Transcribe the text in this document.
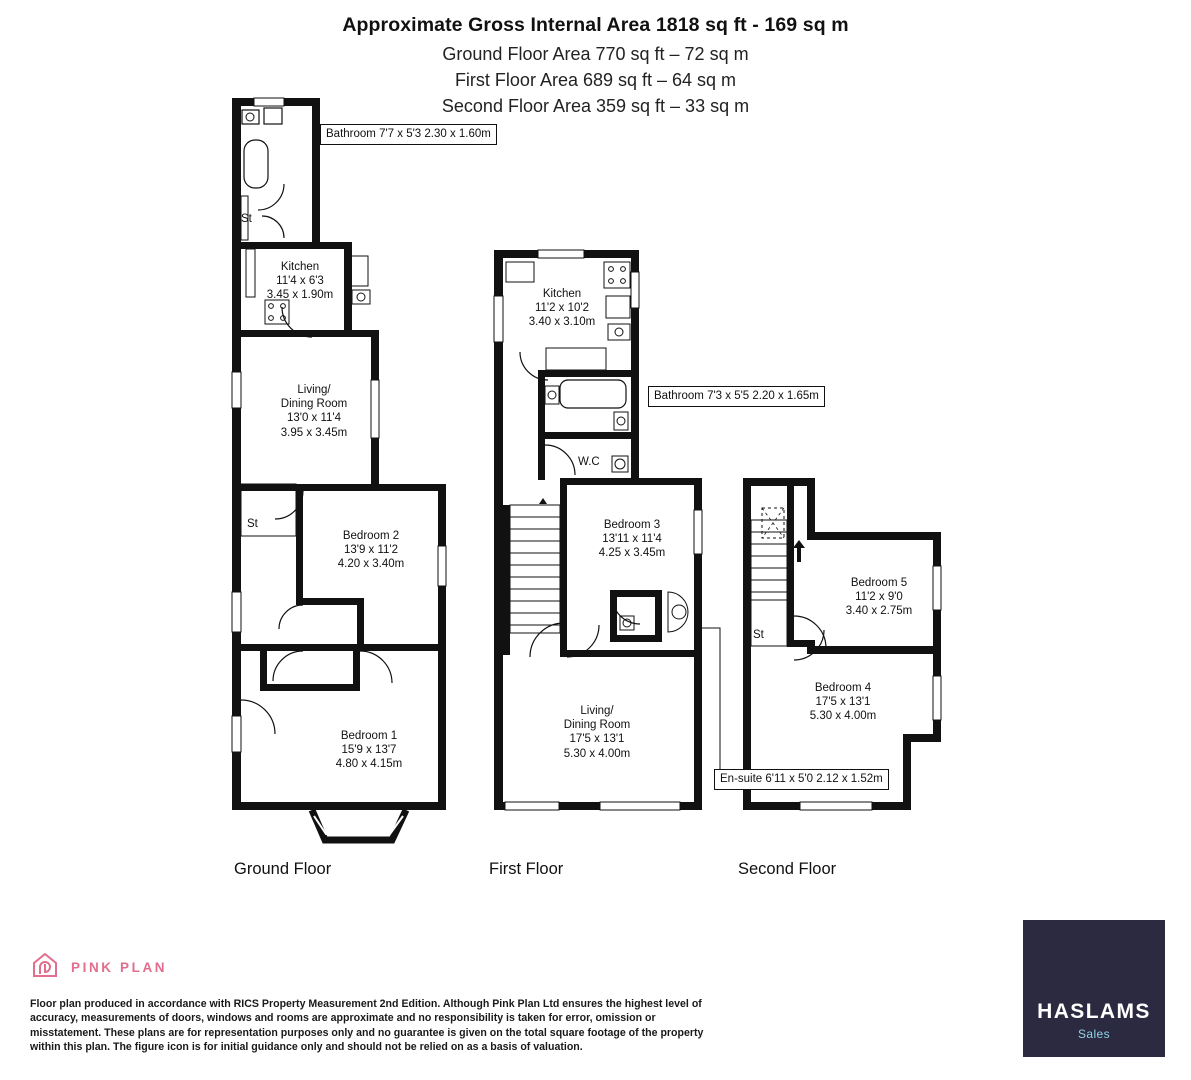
Approximate Gross Internal Area 1818 sq ft - 169 sq m
Ground Floor Area 770 sq ft – 72 sq m
First Floor Area 689 sq ft – 64 sq m
Second Floor Area 359 sq ft – 33 sq m
Bathroom 7'7 x 5'3 2.30 x 1.60m
St
Kitchen
11'4 x 6'3
3.45 x 1.90m
Living/
Dining Room
13'0 x 11'4
3.95 x 3.45m
St
Bedroom 2
13'9 x 11'2
4.20 x 3.40m
Bedroom 1
15'9 x 13'7
4.80 x 4.15m
Kitchen
11'2 x 10'2
3.40 x 3.10m
Bathroom 7'3 x 5'5 2.20 x 1.65m
W.C
Bedroom 3
13'11 x 11'4
4.25 x 3.45m
Living/
Dining Room
17'5 x 13'1
5.30 x 4.00m
En-suite 6'11 x 5'0 2.12 x 1.52m
Bedroom 5
11'2 x 9'0
3.40 x 2.75m
St
Bedroom 4
17'5 x 13'1
5.30 x 4.00m
Ground Floor	First Floor	Second Floor
PINK PLAN
Floor plan produced in accordance with RICS Property Measurement 2nd Edition. Although Pink Plan Ltd ensures the highest level of accuracy, measurements of doors, windows and rooms are approximate and no responsibility is taken for error, omission or misstatement. These plans are for representation purposes only and no guarantee is given on the total square footage of the property within this plan. The figure icon is for initial guidance only and should not be relied on as a basis of valuation.
HASLAMS
Sales
